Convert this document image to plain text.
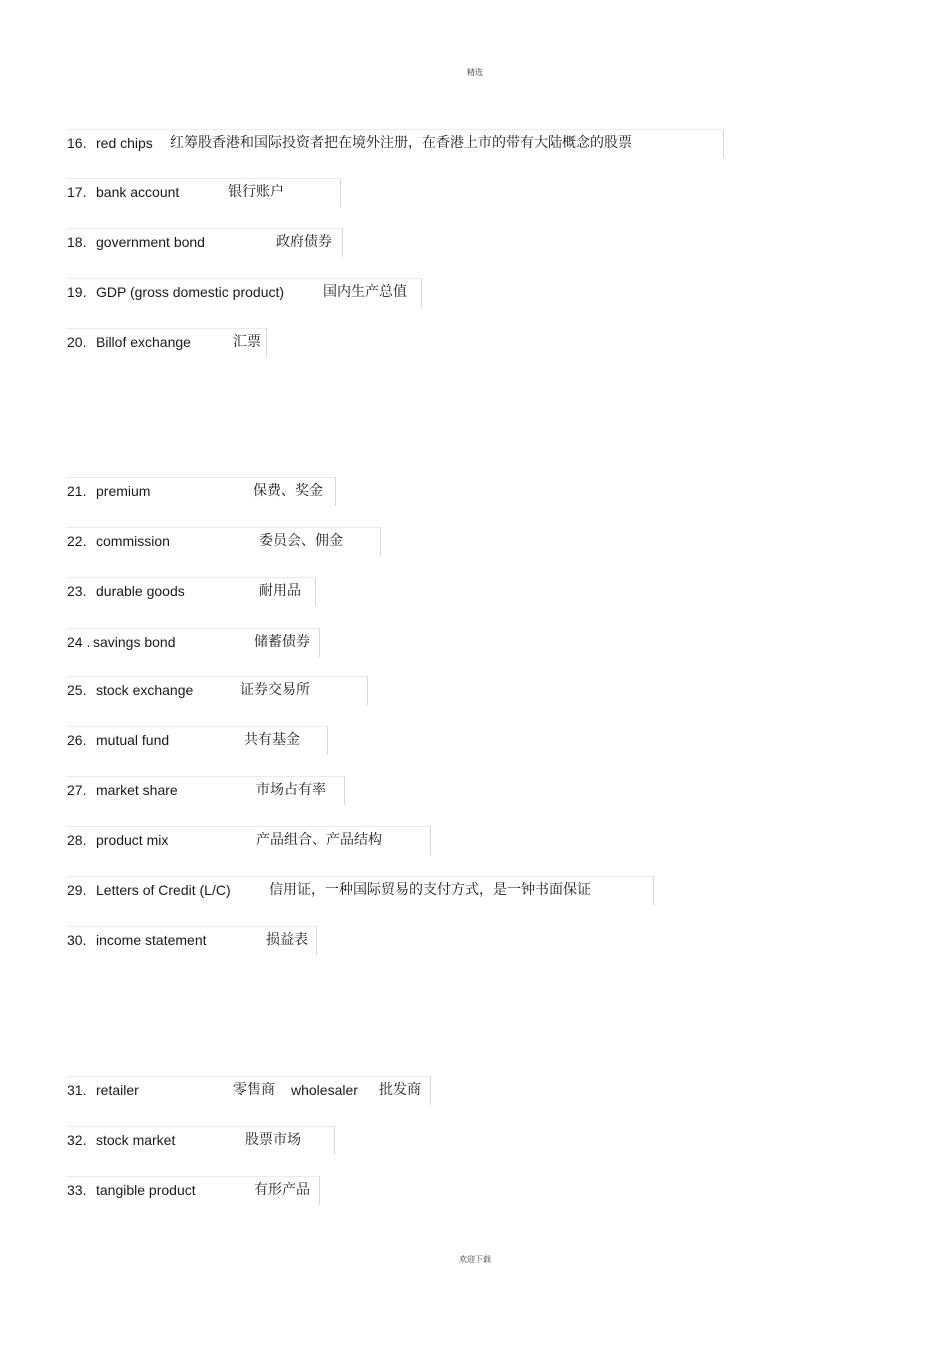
精选
16. red chips 红筹股香港和国际投资者把在境外注册，在香港上市的带有大陆概念的股票
17. bank account	银行账户
18. government bond	政府债券
19. GDP (gross domestic product)	国内生产总值
20. Billof exchange	汇票
21. premium	保费、奖金
22. commission	委员会、佣金
23. durable goods	耐用品
24 . savings bond	储蓄债券
25. stock exchange	证券交易所
26. mutual fund	共有基金
27. market share	市场占有率
28. product mix	产品组合、产品结构
29. Letters of Credit (L/C)	信用证，一种国际贸易的支付方式，是一钟书面保证
30. income statement	损益表
31. retailer	零售商 wholesaler 批发商
32. stock market	股票市场
33. tangible product	有形产品
欢迎下载
